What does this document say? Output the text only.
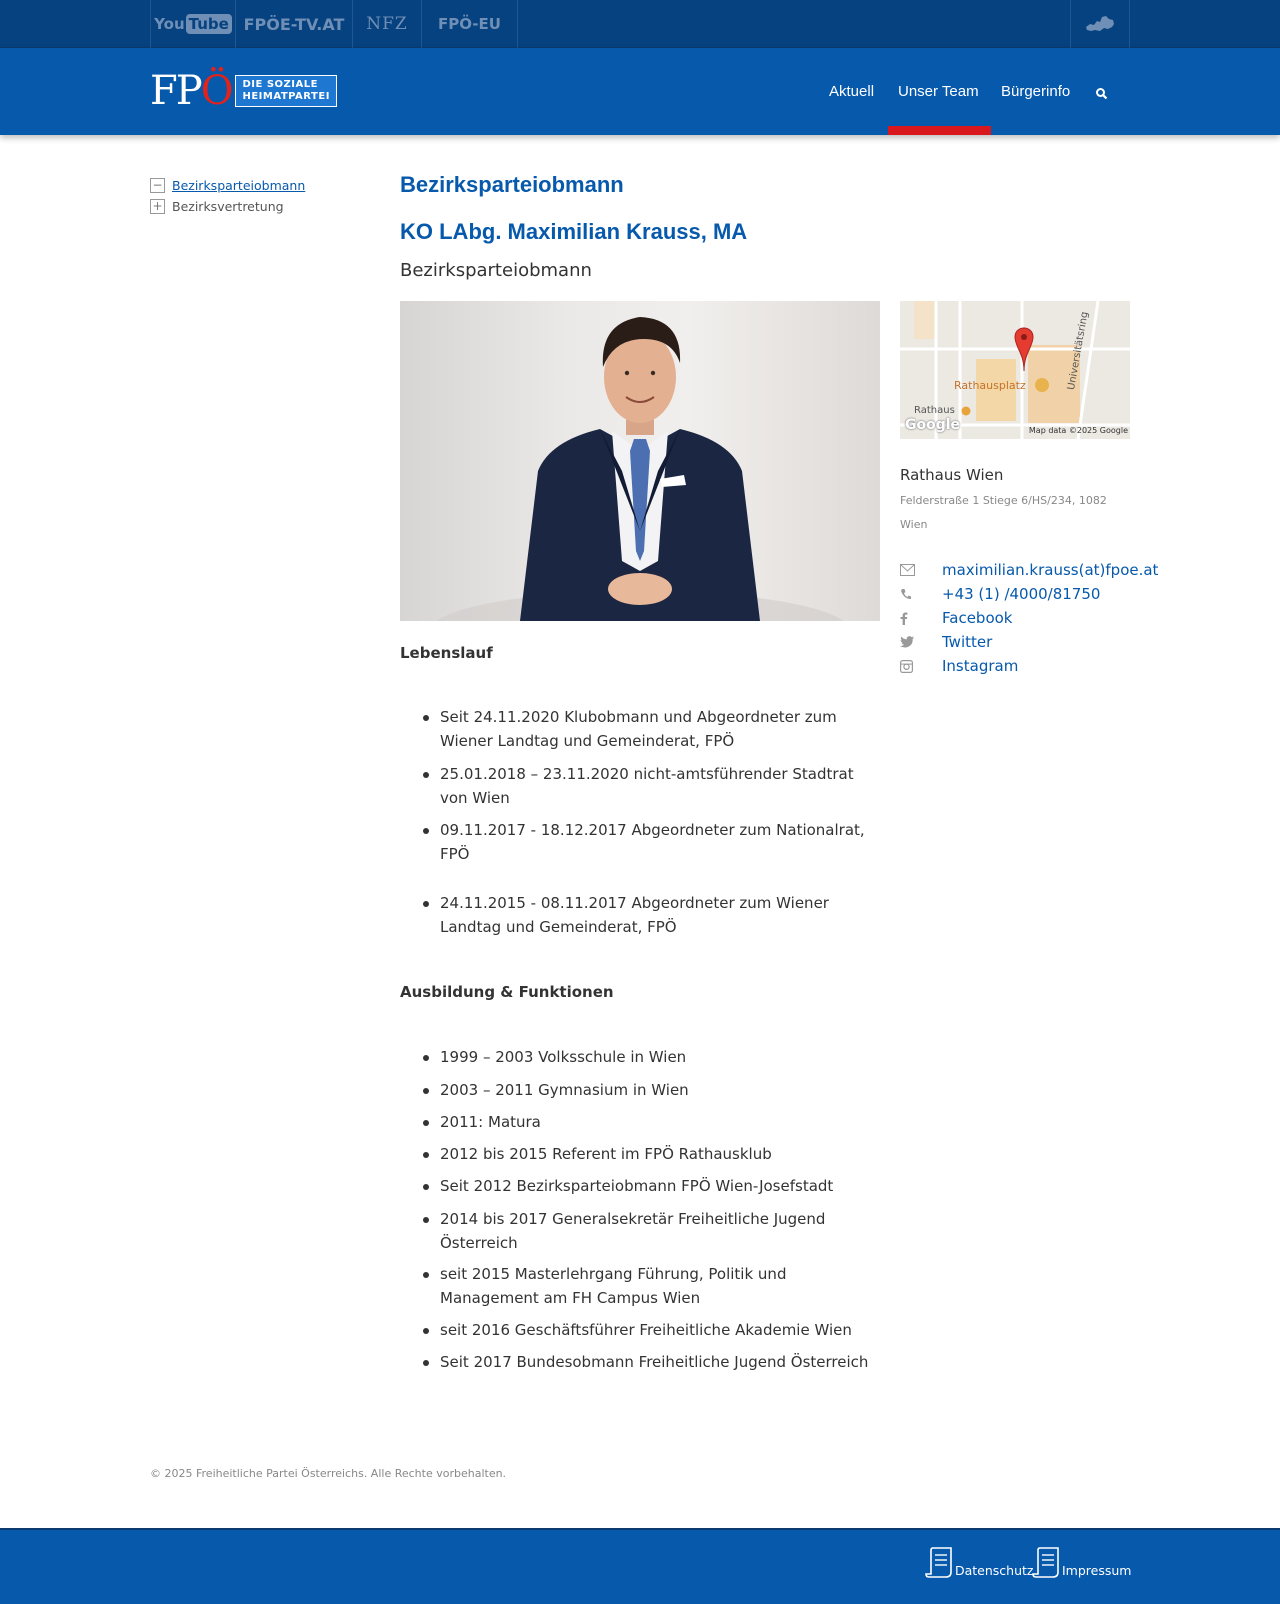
You Tube FPÖE-TV.AT NFZ FPÖ-EU
FPÖ DIE SOZIALE
HEIMATPARTEI	Aktuell Unser Team Bürgerinfo
− Bezirksparteiobmann
+ Bezirksvertretung
Bezirksparteiobmann
KO LAbg. Maximilian Krauss, MA
Bezirksparteiobmann
Lebenslauf
Seit 24.11.2020 Klubobmann und Abgeordneter zum Wiener Landtag und Gemeinderat, FPÖ
25.01.2018 – 23.11.2020 nicht-amtsführender Stadtrat von Wien
09.11.2017 - 18.12.2017 Abgeordneter zum Nationalrat, FPÖ
24.11.2015 - 08.11.2017 Abgeordneter zum Wiener Landtag und Gemeinderat, FPÖ
Ausbildung & Funktionen
1999 – 2003 Volksschule in Wien
2003 – 2011 Gymnasium in Wien
2011: Matura
2012 bis 2015 Referent im FPÖ Rathausklub
Seit 2012 Bezirksparteiobmann FPÖ Wien-Josefstadt
2014 bis 2017 Generalsekretär Freiheitliche Jugend Österreich
seit 2015 Masterlehrgang Führung, Politik und Management am FH Campus Wien
seit 2016 Geschäftsführer Freiheitliche Akademie Wien
Seit 2017 Bundesobmann Freiheitliche Jugend Österreich
Rathausplatz
Rathaus
Universitätsring
Google	Map data ©2025 Google
Rathaus Wien
Felderstraße 1 Stiege 6/HS/234, 1082
Wien
maximilian.krauss(at)fpoe.at
+43 (1) /4000/81750
Facebook
Twitter
Instagram
© 2025 Freiheitliche Partei Österreichs. Alle Rechte vorbehalten.
Datenschutz Impressum
